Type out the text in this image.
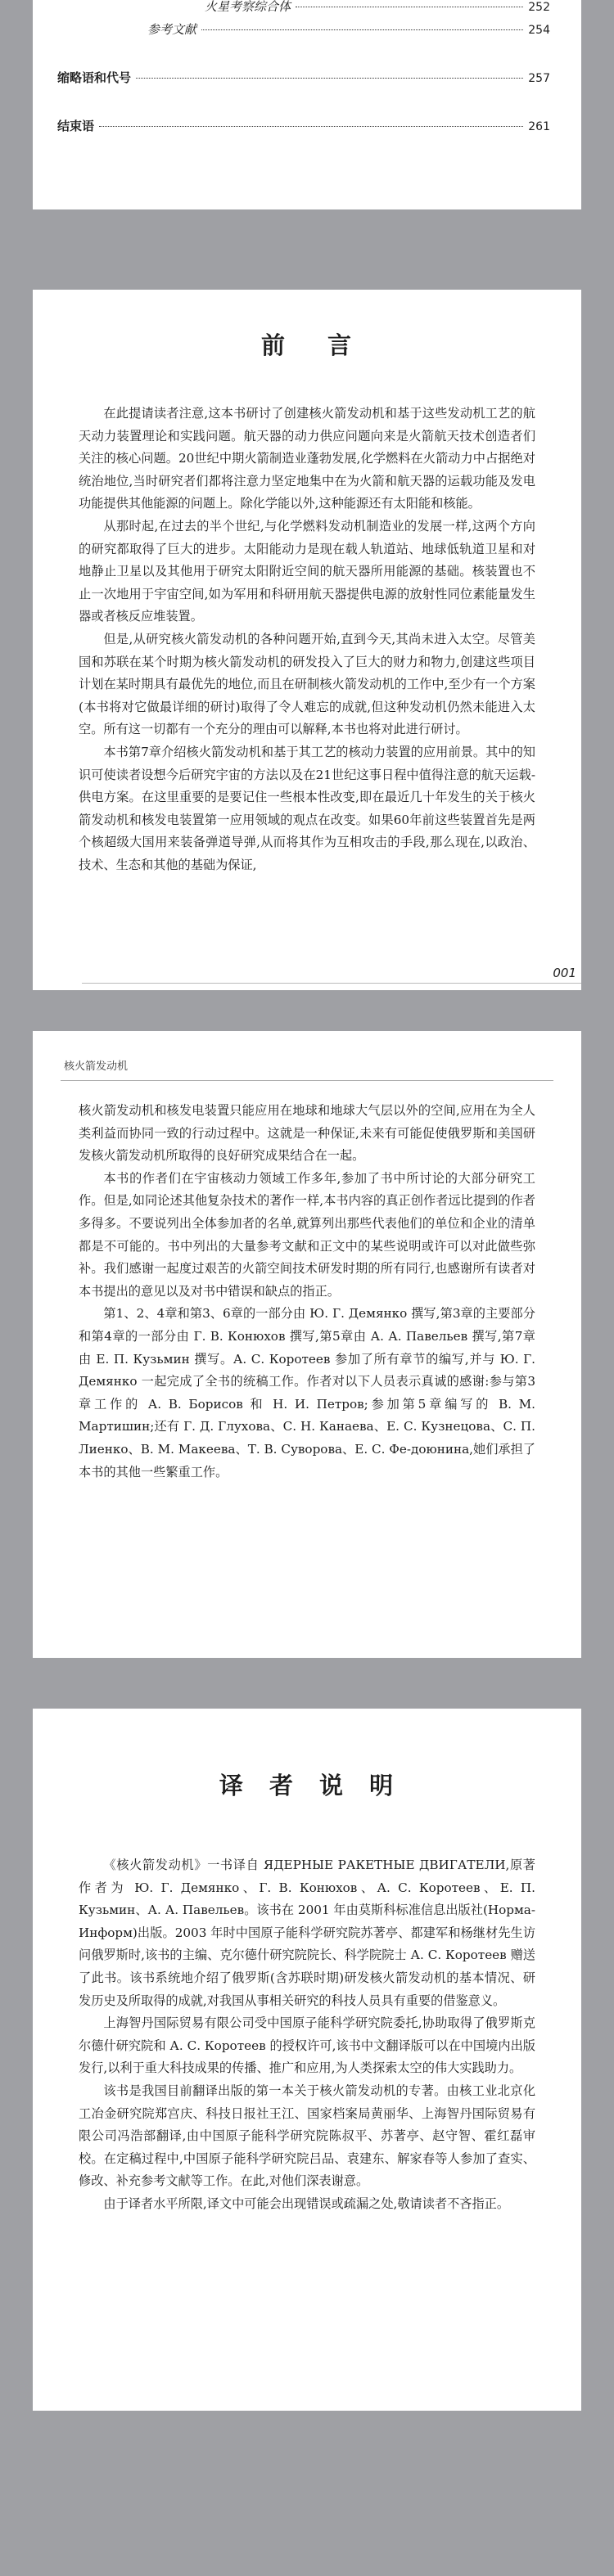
火星考察综合体	252
参考文献	254
缩略语和代号	257
结束语	261
前 言

在此提请读者注意,这本书研讨了创建核火箭发动机和基于这些发动机工艺的航天动力装置理论和实践问题。航天器的动力供应问题向来是火箭航天技术创造者们关注的核心问题。20世纪中期火箭制造业蓬勃发展,化学燃料在火箭动力中占据绝对统治地位,当时研究者们都将注意力坚定地集中在为火箭和航天器的运载功能及发电功能提供其他能源的问题上。除化学能以外,这种能源还有太阳能和核能。

从那时起,在过去的半个世纪,与化学燃料发动机制造业的发展一样,这两个方向的研究都取得了巨大的进步。太阳能动力是现在载人轨道站、地球低轨道卫星和对地静止卫星以及其他用于研究太阳附近空间的航天器所用能源的基础。核装置也不止一次地用于宇宙空间,如为军用和科研用航天器提供电源的放射性同位素能量发生器或者核反应堆装置。

但是,从研究核火箭发动机的各种问题开始,直到今天,其尚未进入太空。尽管美国和苏联在某个时期为核火箭发动机的研发投入了巨大的财力和物力,创建这些项目计划在某时期具有最优先的地位,而且在研制核火箭发动机的工作中,至少有一个方案(本书将对它做最详细的研讨)取得了令人难忘的成就,但这种发动机仍然未能进入太空。所有这一切都有一个充分的理由可以解释,本书也将对此进行研讨。

本书第7章介绍核火箭发动机和基于其工艺的核动力装置的应用前景。其中的知识可使读者设想今后研究宇宙的方法以及在21世纪这事日程中值得注意的航天运载-供电方案。在这里重要的是要记住一些根本性改变,即在最近几十年发生的关于核火箭发动机和核发电装置第一应用领域的观点在改变。如果60年前这些装置首先是两个核超级大国用来装备弹道导弹,从而将其作为互相攻击的手段,那么现在,以政治、技术、生态和其他的基础为保证,

001
核火箭发动机

核火箭发动机和核发电装置只能应用在地球和地球大气层以外的空间,应用在为全人类利益而协同一致的行动过程中。这就是一种保证,未来有可能促使俄罗斯和美国研发核火箭发动机所取得的良好研究成果结合在一起。

本书的作者们在宇宙核动力领域工作多年,参加了书中所讨论的大部分研究工作。但是,如同论述其他复杂技术的著作一样,本书内容的真正创作者远比提到的作者多得多。不要说列出全体参加者的名单,就算列出那些代表他们的单位和企业的清单都是不可能的。书中列出的大量参考文献和正文中的某些说明或许可以对此做些弥补。我们感谢一起度过艰苦的火箭空间技术研发时期的所有同行,也感谢所有读者对本书提出的意见以及对书中错误和缺点的指正。

第1、2、4章和第3、6章的一部分由 Ю. Г. Демянко 撰写,第3章的主要部分和第4章的一部分由 Г. В. Конюхов 撰写,第5章由 А. А. Павельев 撰写,第7章由 Е. П. Кузьмин 撰写。А. С. Коротеев 参加了所有章节的编写,并与 Ю. Г. Демянко 一起完成了全书的统稿工作。作者对以下人员表示真诚的感谢:参与第3章工作的 А. В. Борисов 和 Н. И. Петров;参加第5章编写的 В. М. Мартишин;还有 Г. Д. Глухова、С. Н. Канаева、Е. С. Кузнецова、С. П. Лиенко、В. М. Макеева、Т. В. Суворова、Е. С. Фе-доюнина,她们承担了本书的其他一些繁重工作。

译 者 说 明

《核火箭发动机》一书译自 ЯДЕРНЫЕ РАКЕТНЫЕ ДВИГАТЕЛИ,原著作者为 Ю. Г. Демянко、Г. В. Конюхов、А. С. Коротеев、Е. П. Кузьмин、А. А. Павельев。该书在 2001 年由莫斯科标准信息出版社(Норма-Информ)出版。2003 年时中国原子能科学研究院苏著亭、都建军和杨继材先生访问俄罗斯时,该书的主编、克尔德什研究院院长、科学院院士 А. С. Коротеев 赠送了此书。该书系统地介绍了俄罗斯(含苏联时期)研发核火箭发动机的基本情况、研发历史及所取得的成就,对我国从事相关研究的科技人员具有重要的借鉴意义。

上海智丹国际贸易有限公司受中国原子能科学研究院委托,协助取得了俄罗斯克尔德什研究院和 А. С. Коротеев 的授权许可,该书中文翻译版可以在中国境内出版发行,以利于重大科技成果的传播、推广和应用,为人类探索太空的伟大实践助力。

该书是我国目前翻译出版的第一本关于核火箭发动机的专著。由核工业北京化工冶金研究院郑宫庆、科技日报社王江、国家档案局黄丽华、上海智丹国际贸易有限公司冯浩部翻译,由中国原子能科学研究院陈叔平、苏著亭、赵守智、霍红磊审校。在定稿过程中,中国原子能科学研究院吕品、袁建东、解家春等人参加了查实、修改、补充参考文献等工作。在此,对他们深表谢意。

由于译者水平所限,译文中可能会出现错误或疏漏之处,敬请读者不吝指正。
